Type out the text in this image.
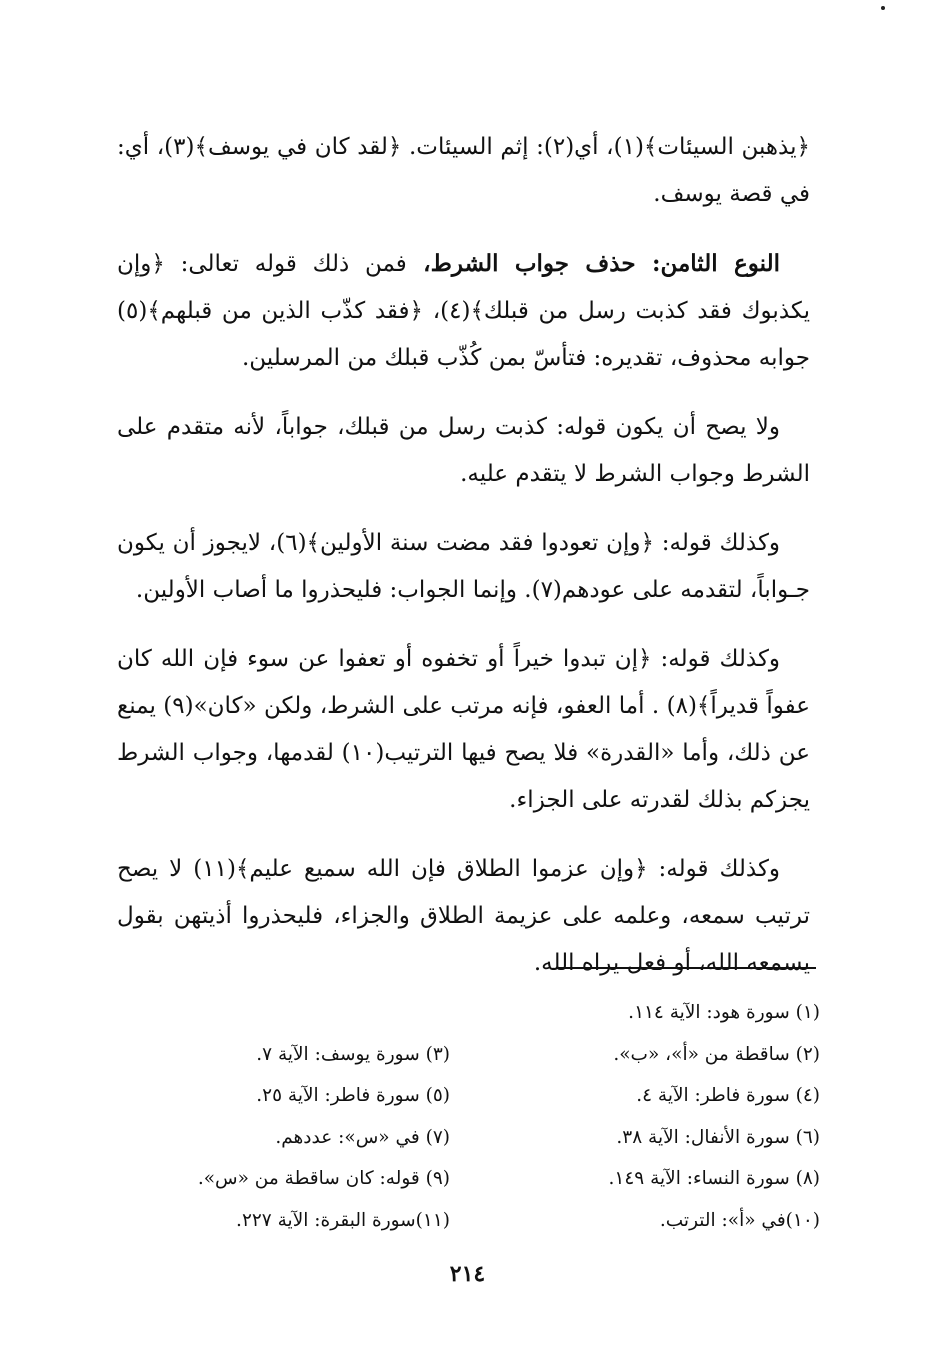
﴿يذهبن السيئات﴾(١)، أي(٢): إثم السيئات. ﴿لقد كان في يوسف﴾(٣)، أي: في قصة يوسف.

النوع الثامن: حذف جواب الشرط، فمن ذلك قوله تعالى: ﴿وإن يكذبوك فقد كذبت رسل من قبلك﴾(٤)، ﴿فقد كذّب الذين من قبلهم﴾(٥) جوابه محذوف، تقديره: فتأسّ بمن كُذّب قبلك من المرسلين.

ولا يصح أن يكون قوله: كذبت رسل من قبلك، جواباً، لأنه متقدم على الشرط وجواب الشرط لا يتقدم عليه.

وكذلك قوله: ﴿وإن تعودوا فقد مضت سنة الأولين﴾(٦)، لايجوز أن يكون جـواباً، لتقدمه على عودهم(٧). وإنما الجواب: فليحذروا ما أصاب الأولين.

وكذلك قوله: ﴿إن تبدوا خيراً أو تخفوه أو تعفوا عن سوء فإن الله كان عفواً قديراً﴾(٨) . أما العفو، فإنه مرتب على الشرط، ولكن «كان»(٩) يمنع عن ذلك، وأما «القدرة» فلا يصح فيها الترتيب(١٠) لقدمها، وجواب الشرط يجزكم بذلك لقدرته على الجزاء.

وكذلك قوله: ﴿وإن عزموا الطلاق فإن الله سميع عليم﴾(١١) لا يصح ترتيب سمعه، وعلمه على عزيمة الطلاق والجزاء، فليحذروا أذيتهن بقول يسمعه الله، أو فعل يراه الله.

(١) سورة هود: الآية ١١٤.
(٢) ساقطة من «أ»، «ب».
(٣) سورة يوسف: الآية ٧.
(٤) سورة فاطر: الآية ٤.
(٥) سورة فاطر: الآية ٢٥.
(٦) سورة الأنفال: الآية ٣٨.
(٧) في «س»: عددهم.
(٨) سورة النساء: الآية ١٤٩.
(٩) قوله: كان ساقطة من «س».
(١٠)في «أ»: الترتب.
(١١)سورة البقرة: الآية ٢٢٧.
٢١٤
